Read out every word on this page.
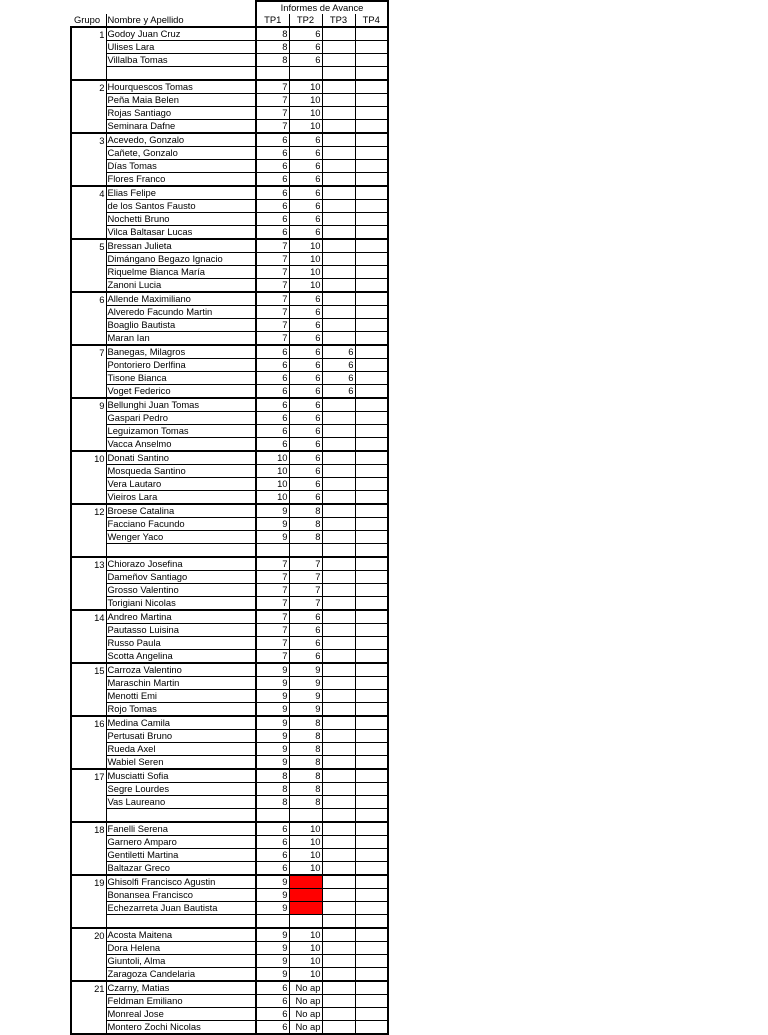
		Informes de Avance			
Grupo	Nombre y Apellido	TP1	TP2	TP3	TP4
1	Godoy Juan Cruz	8	6		
	Ulises Lara	8	6		
	Villalba Tomas	8	6		

2	Hourquescos Tomas	7	10		
	Peña Maia Belen	7	10		
	Rojas Santiago	7	10		
	Seminara Dafne	7	10		
3	Acevedo, Gonzalo	6	6		
	Cañete, Gonzalo	6	6		
	Días Tomas	6	6		
	Flores Franco	6	6		
4	Elias Felipe	6	6		
	de los Santos Fausto	6	6		
	Nochetti Bruno	6	6		
	Vilca Baltasar Lucas	6	6		
5	Bressan Julieta	7	10		
	Dimángano Begazo Ignacio	7	10		
	Riquelme Bianca María	7	10		
	Zanoni Lucia	7	10		
6	Allende Maximiliano	7	6		
	Alveredo Facundo Martin	7	6		
	Boaglio Bautista	7	6		
	Maran Ian	7	6		
7	Banegas, Milagros	6	6	6	
	Pontoriero Derlfina	6	6	6	
	Tisone Bianca	6	6	6	
	Voget Federico	6	6	6	
9	Bellunghi Juan Tomas	6	6		
	Gaspari Pedro	6	6		
	Leguizamon Tomas	6	6		
	Vacca Anselmo	6	6		
10	Donati Santino	10	6		
	Mosqueda Santino	10	6		
	Vera Lautaro	10	6		
	Vieiros Lara	10	6		
12	Broese Catalina	9	8		
	Facciano Facundo	9	8		
	Wenger Yaco	9	8		

13	Chiorazo Josefina	7	7		
	Dameñov Santiago	7	7		
	Grosso Valentino	7	7		
	Torigiani Nicolas	7	7		
14	Andreo Martina	7	6		
	Pautasso Luisina	7	6		
	Russo Paula	7	6		
	Scotta Angelina	7	6		
15	Carroza Valentino	9	9		
	Maraschin Martin	9	9		
	Menotti Emi	9	9		
	Rojo Tomas	9	9		
16	Medina Camila	9	8		
	Pertusati Bruno	9	8		
	Rueda Axel	9	8		
	Wabiel Seren	9	8		
17	Musciatti Sofia	8	8		
	Segre Lourdes	8	8		
	Vas Laureano	8	8		

18	Fanelli Serena	6	10		
	Garnero Amparo	6	10		
	Gentiletti Martina	6	10		
	Baltazar Greco	6	10		
19	Ghisolfi Francisco Agustin	9			
	Bonansea Francisco	9			
	Echezarreta Juan Bautista	9			

20	Acosta Maitena	9	10		
	Dora Helena	9	10		
	Giuntoli, Alma	9	10		
	Zaragoza Candelaria	9	10		
21	Czarny, Matias	6	No ap		
	Feldman Emiliano	6	No ap		
	Monreal Jose	6	No ap		
	Montero Zochi Nicolas	6	No ap		
